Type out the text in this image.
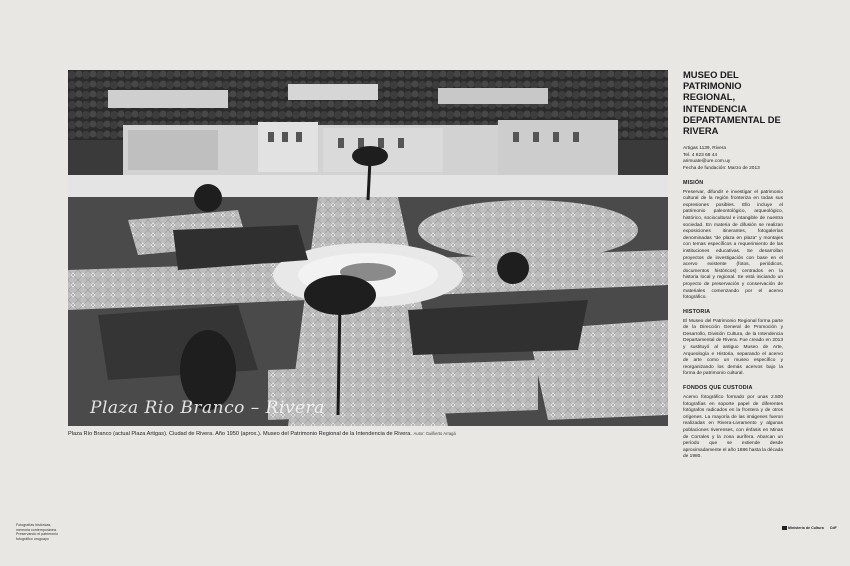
Plaza Rio Branco – Rivera
Plaza Río Branco (actual Plaza Artigas). Ciudad de Rivera. Año 1950 (aprox.). Museo del Patrimonio Regional de la Intendencia de Rivera. Autor: Guillierto Arragá
MUSEO DEL PATRIMONIO REGIONAL, INTENDENCIA DEPARTAMENTAL DE RIVERA
Artigas 1139, Rivera
Tel. 4 623 68 44
arimuate@ure.com.uy
Fecha de fundación: Marzo de 2013
MISIÓN
Preservar, difundir e investigar el patrimonio cultural de la región fronteriza en todas sus expresiones posibles. Ello incluye el patrimonio paleontológico, arqueológico, histórico, sociocultural e intangible de nuestra sociedad. En materia de difusión se realizan exposiciones itinerantes, fotogalerías denominadas "de plaza en plaza" y montajes con temas específicos a requerimiento de las instituciones educativas. Se desarrollan proyectos de investigación con base en el acervo existente (fotos, periódicos, documentos históricos) centrados en la historia local y regional. Se está iniciando un proyecto de preservación y conservación de materiales comenzando por el acervo fotográfico.
HISTORIA
El Museo del Patrimonio Regional forma parte de la Dirección General de Promoción y Desarrollo, División Cultura, de la Intendencia Departamental de Rivera. Fue creado en 2013 y sustituyó al antiguo Museo de Arte, Arqueología e Historia, separando el acervo de arte como un museo específico y reorganizando los demás acervos bajo la forma de patrimonio cultural.
FONDOS QUE CUSTODIA
Acervo fotográfico formado por unas 2.500 fotografías en soporte papel de diferentes fotógrafos radicados en la frontera y de otros orígenes. La mayoría de las imágenes fueron realizadas en Rivera-Livramento y algunas poblaciones riverenses, con énfasis en Minas de Corrales y la zona aurífera. Abarcan un período que se extiende desde aproximadamente el año 1886 hasta la década de 1980.
Fotografías históricas,
memoria contemporánea.
Preservando el patrimonio
fotográfico uruguayo
Ministerio de Cultura CdF
